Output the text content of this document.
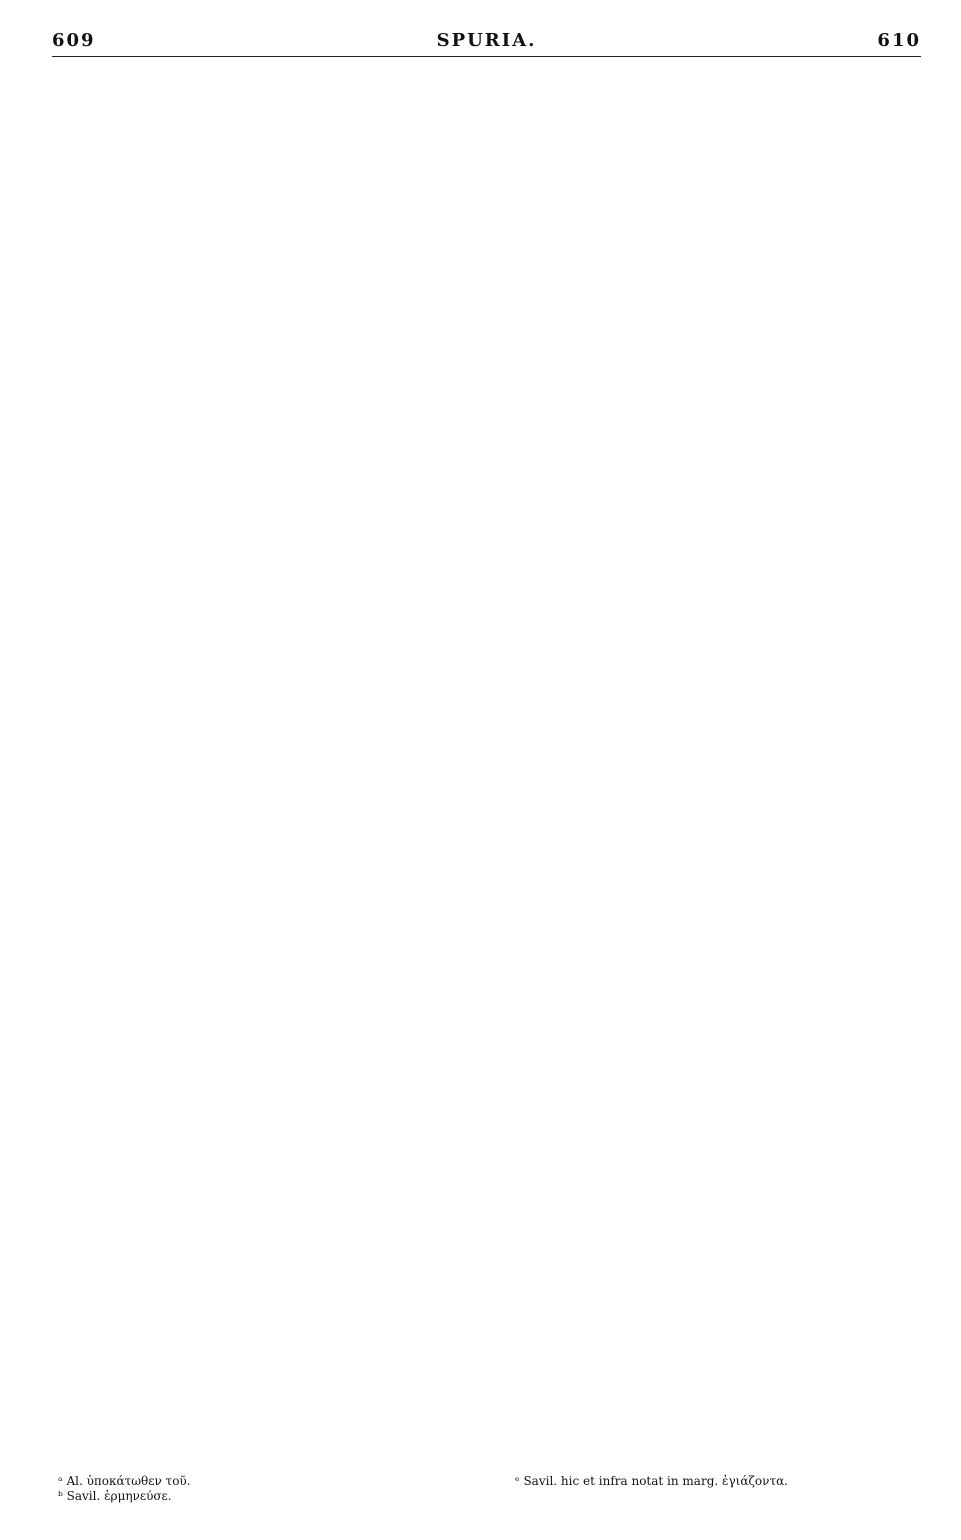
609	SPURIA.	610

ᵃ Al. ὑποκάτωθεν τοῦ.
ᵇ Savil. ἑρμηνεύσε.
ᵉ Savil. hic et infra notat in marg. ἐγιάζοντα.
